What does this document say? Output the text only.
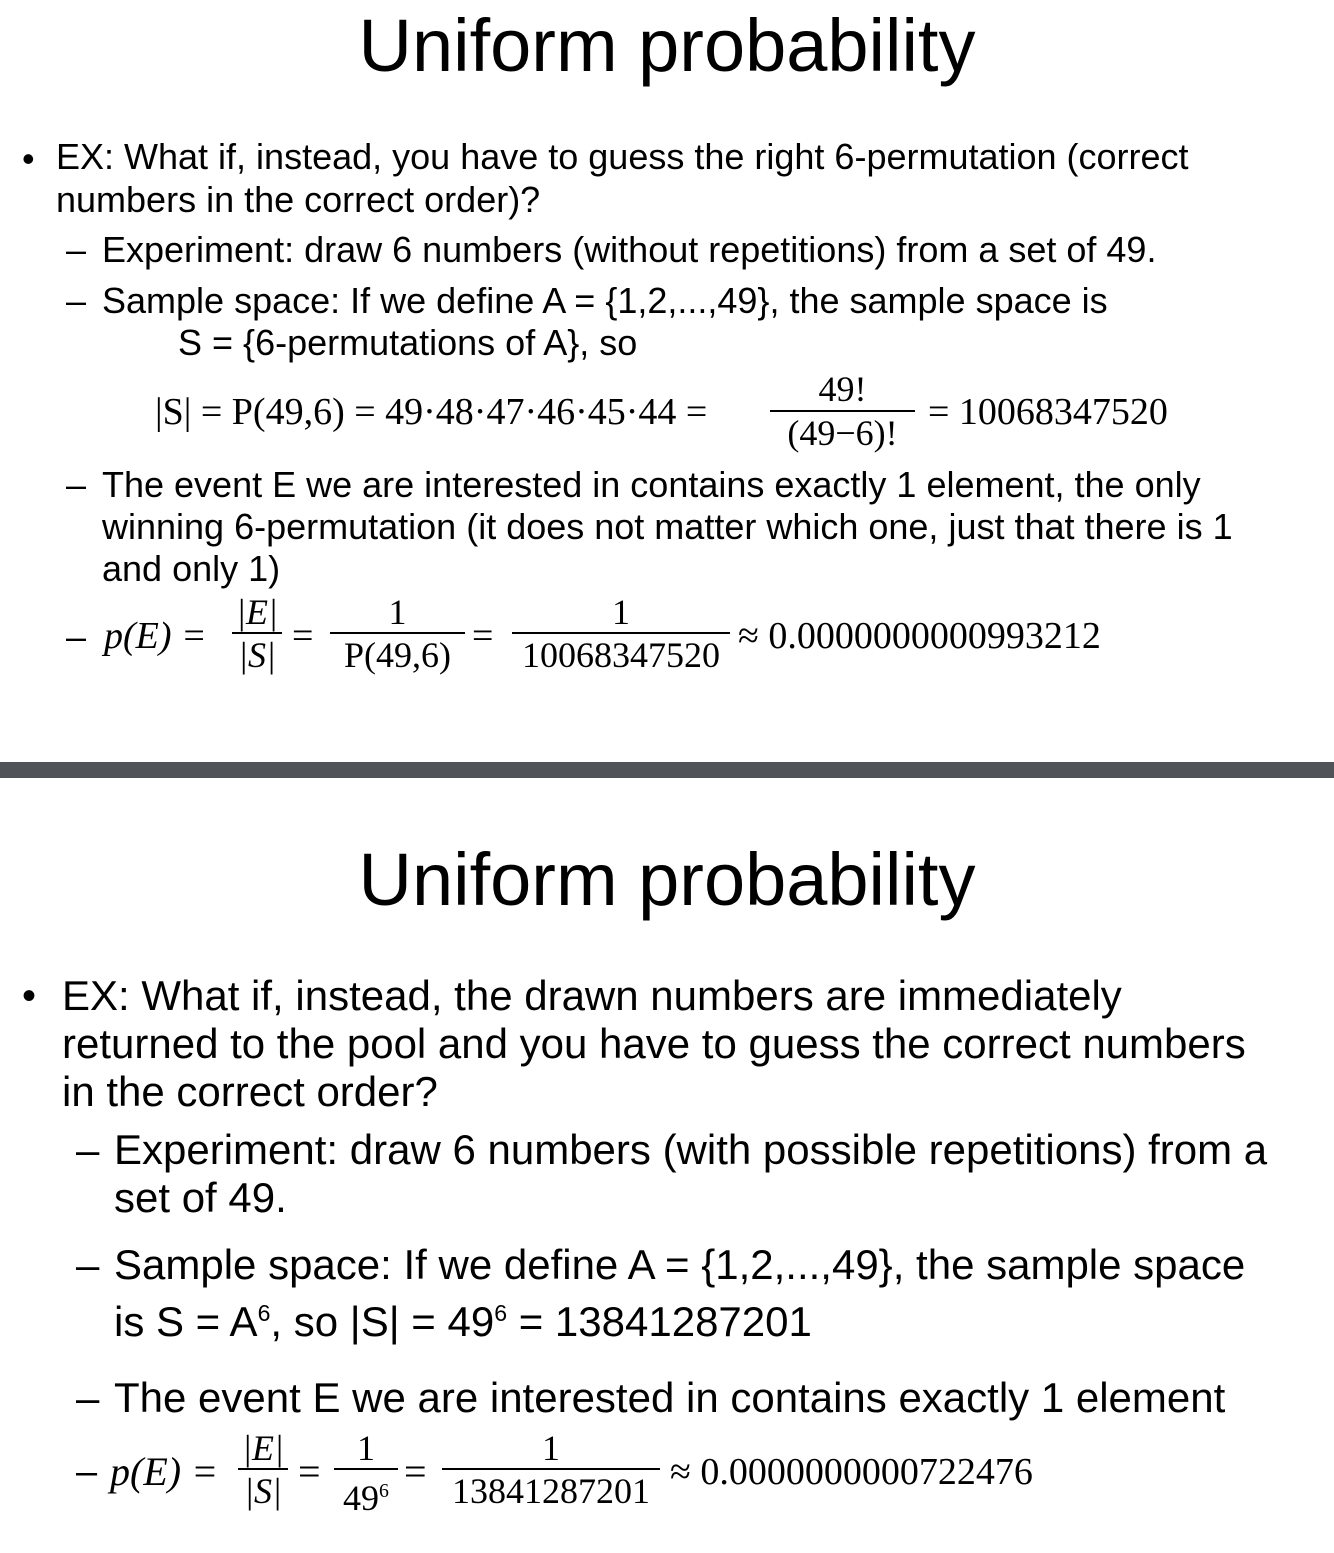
Uniform probability
• EX: What if, instead, you have to guess the right 6-permutation (correct
numbers in the correct order)?
– Experiment: draw 6 numbers (without repetitions) from a set of 49.
– Sample space: If we define A = {1,2,...,49}, the sample space is
S = {6-permutations of A}, so
|S| = P(49,6) = 49·48·47·46·45·44 =
49!
(49−6)! = 10068347520
– The event E we are interested in contains exactly 1 element, the only
winning 6-permutation (it does not matter which one, just that there is 1
and only 1)
– p(E) =
|E|
|S| =
1
P(49,6) =
1
10068347520 ≈ 0.0000000000993212
Uniform probability
• EX: What if, instead, the drawn numbers are immediately
returned to the pool and you have to guess the correct numbers
in the correct order?
– Experiment: draw 6 numbers (with possible repetitions) from a
set of 49.
– Sample space: If we define A = {1,2,...,49}, the sample space
is $S = A^6$, so $|S| = 49^6 = 13841287201$
– The event E we are interested in contains exactly 1 element
– p(E) =
|E|
|S| =
1
$49^6$ =
1
13841287201 ≈ 0.0000000000722476
